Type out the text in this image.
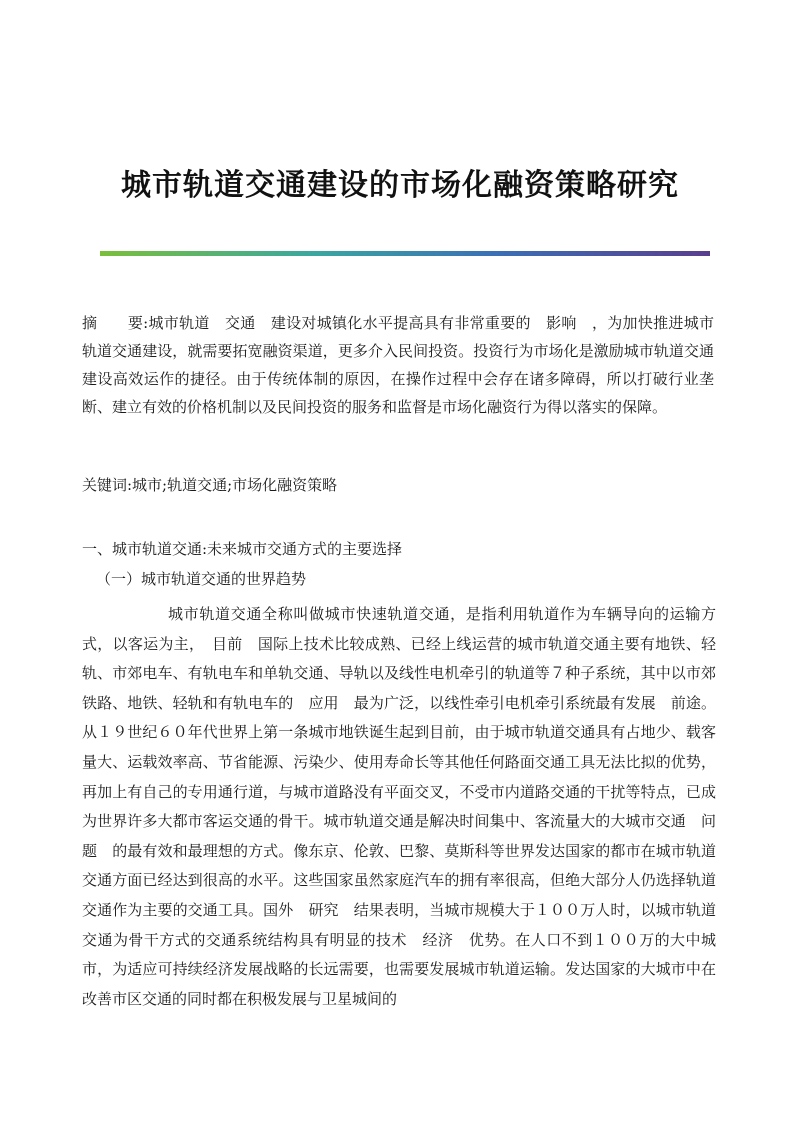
城市轨道交通建设的市场化融资策略研究

摘　　要:城市轨道　交通　建设对城镇化水平提高具有非常重要的　影响　，为加快推进城市轨道交通建设，就需要拓宽融资渠道，更多介入民间投资。投资行为市场化是激励城市轨道交通建设高效运作的捷径。由于传统体制的原因，在操作过程中会存在诸多障碍，所以打破行业垄断、建立有效的价格机制以及民间投资的服务和监督是市场化融资行为得以落实的保障。

关键词:城市;轨道交通;市场化融资策略

一、城市轨道交通:未来城市交通方式的主要选择

（一）城市轨道交通的世界趋势

城市轨道交通全称叫做城市快速轨道交通，是指利用轨道作为车辆导向的运输方式，以客运为主，　目前　国际上技术比较成熟、已经上线运营的城市轨道交通主要有地铁、轻轨、市郊电车、有轨电车和单轨交通、导轨以及线性电机牵引的轨道等７种子系统，其中以市郊铁路、地铁、轻轨和有轨电车的　应用　最为广泛，以线性牵引电机牵引系统最有发展　前途。从１９世纪６０年代世界上第一条城市地铁诞生起到目前，由于城市轨道交通具有占地少、载客量大、运载效率高、节省能源、污染少、使用寿命长等其他任何路面交通工具无法比拟的优势，再加上有自己的专用通行道，与城市道路没有平面交叉，不受市内道路交通的干扰等特点，已成为世界许多大都市客运交通的骨干。城市轨道交通是解决时间集中、客流量大的大城市交通　问题　的最有效和最理想的方式。像东京、伦敦、巴黎、莫斯科等世界发达国家的都市在城市轨道交通方面已经达到很高的水平。这些国家虽然家庭汽车的拥有率很高，但绝大部分人仍选择轨道交通作为主要的交通工具。国外　研究　结果表明，当城市规模大于１００万人时，以城市轨道交通为骨干方式的交通系统结构具有明显的技术　经济　优势。在人口不到１００万的大中城市，为适应可持续经济发展战略的长远需要，也需要发展城市轨道运输。发达国家的大城市中在改善市区交通的同时都在积极发展与卫星城间的
